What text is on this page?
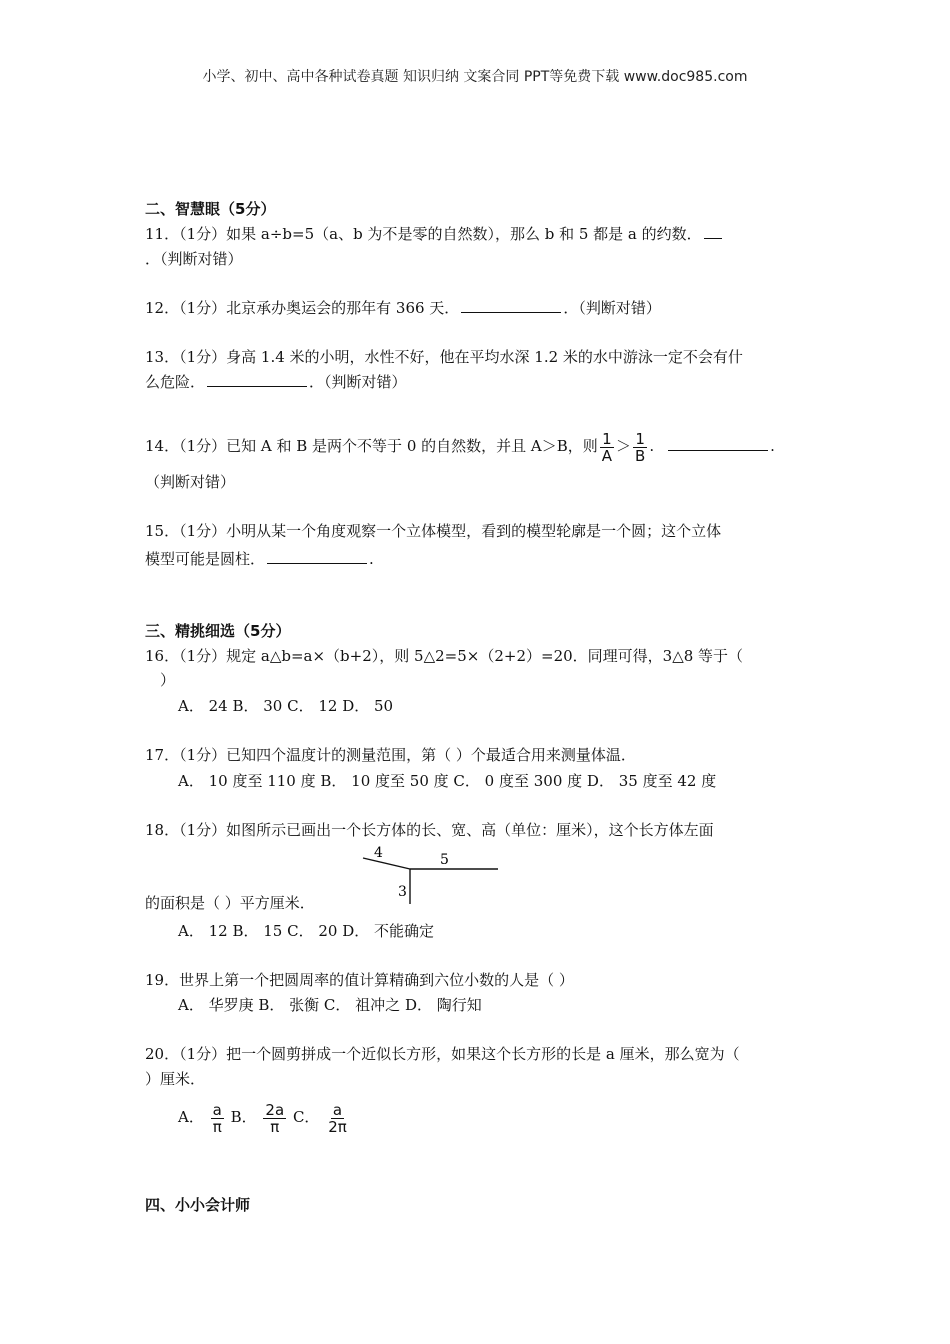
小学、初中、高中各种试卷真题 知识归纳 文案合同 PPT等免费下载 www.doc985.com
二、智慧眼（5分）
11．（1分）如果 a÷b=5（a、b 为不是零的自然数），那么 b 和 5 都是 a 的约数．
．（判断对错）
12．（1分）北京承办奥运会的那年有 366 天．	．（判断对错）
13．（1分）身高 1.4 米的小明，水性不好，他在平均水深 1.2 米的水中游泳一定不会有什
么危险．	．（判断对错）
14．（1分）已知 A 和 B 是两个不等于 0 的自然数，并且 A＞B，则 $\frac{1}{A} > \frac{1}{B}$ .	.
（判断对错）
15．（1分）小明从某一个角度观察一个立体模型，看到的模型轮廓是一个圆；这个立体
模型可能是圆柱．	.
三、精挑细选（5分）
16．（1分）规定 a△b=a×（b+2），则 5△2=5×（2+2）=20．同理可得，3△8 等于（
）
A． 24 B． 30 C． 12 D． 50
17．（1分）已知四个温度计的测量范围，第（ ）个最适合用来测量体温．
A． 10 度至 110 度 B． 10 度至 50 度 C． 0 度至 300 度 D． 35 度至 42 度
18．（1分）如图所示已画出一个长方体的长、宽、高（单位：厘米），这个长方体左面
4	5
3
的面积是（ ）平方厘米．
A． 12 B． 15 C． 20 D． 不能确定
19．世界上第一个把圆周率的值计算精确到六位小数的人是（ ）
A． 华罗庚 B． 张衡 C． 祖冲之 D． 陶行知
20．（1分）把一个圆剪拼成一个近似长方形，如果这个长方形的长是 a 厘米，那么宽为（
）厘米．
A． $\frac{a}{\pi}$ B． $\frac{2a}{\pi}$ C． $\frac{a}{2\pi}$
四、小小会计师
